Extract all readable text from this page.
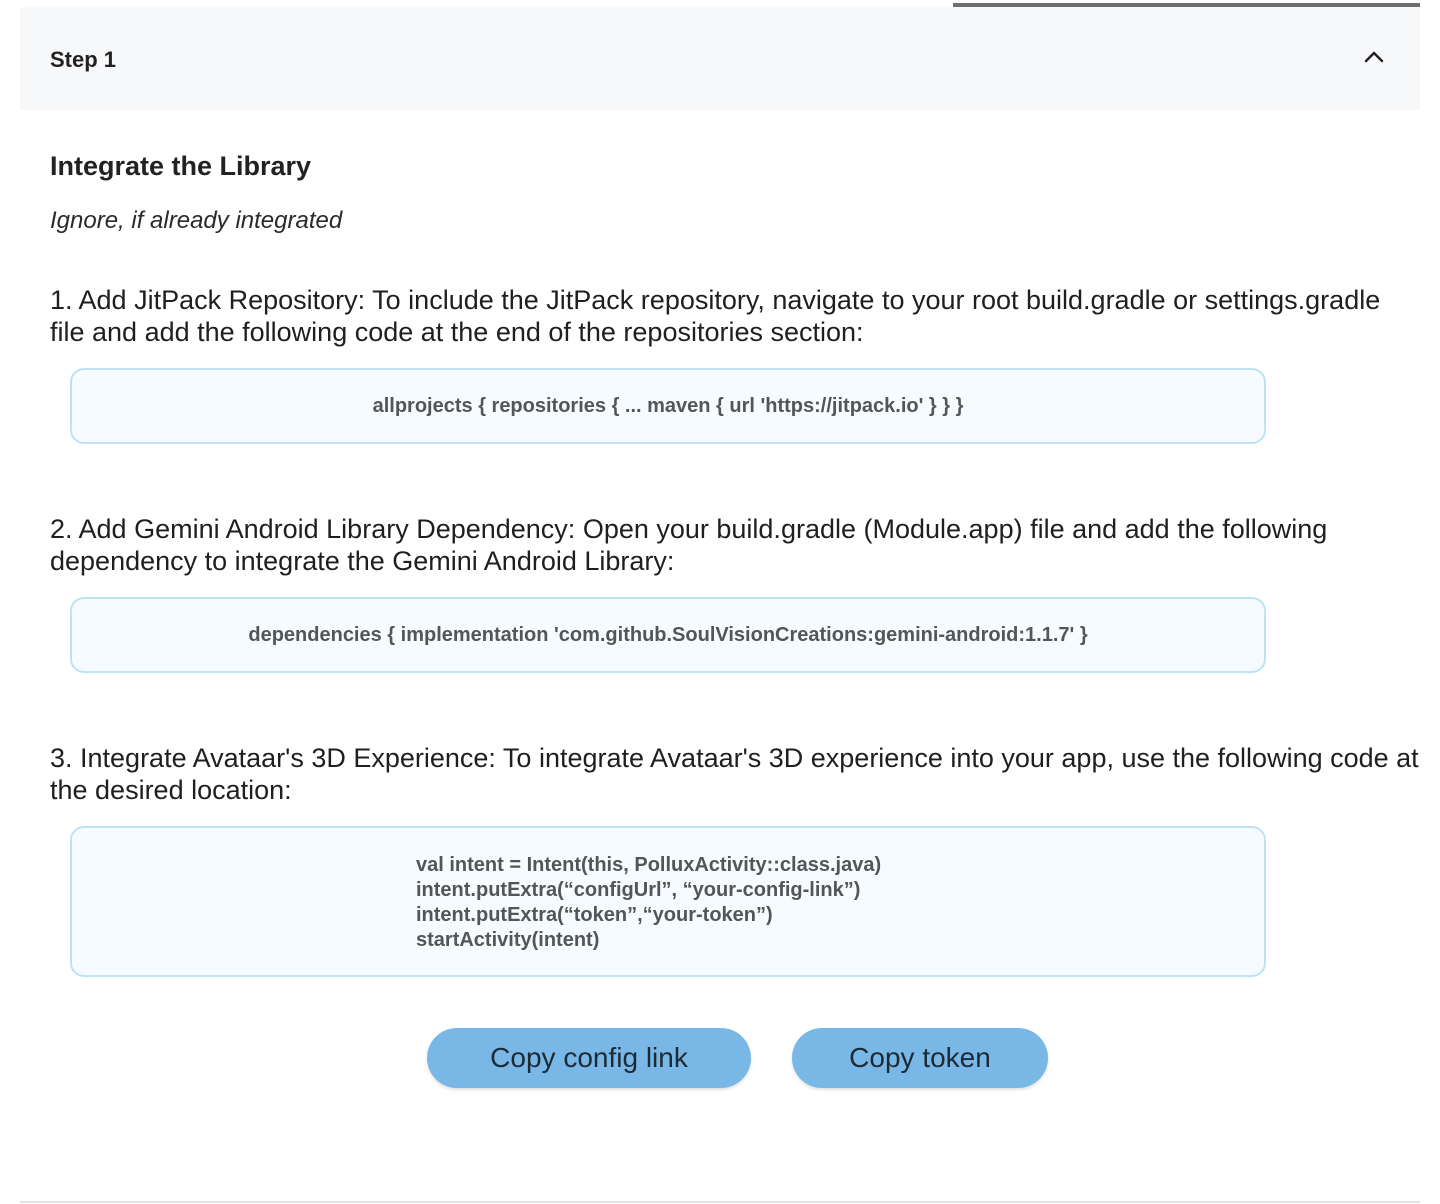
Step 1
Integrate the Library
Ignore, if already integrated
1. Add JitPack Repository: To include the JitPack repository, navigate to your root build.gradle or settings.gradle file and add the following code at the end of the repositories section:
allprojects { repositories { ... maven { url 'https://jitpack.io' } } }
2. Add Gemini Android Library Dependency: Open your build.gradle (Module.app) file and add the following dependency to integrate the Gemini Android Library:
dependencies { implementation 'com.github.SoulVisionCreations:gemini-android:1.1.7' }
3. Integrate Avataar's 3D Experience: To integrate Avataar's 3D experience into your app, use the following code at the desired location:
val intent = Intent(this, PolluxActivity::class.java)
intent.putExtra(“configUrl”, “your-config-link”)
intent.putExtra(“token”,“your-token”)
startActivity(intent)
Copy config link	Copy token
